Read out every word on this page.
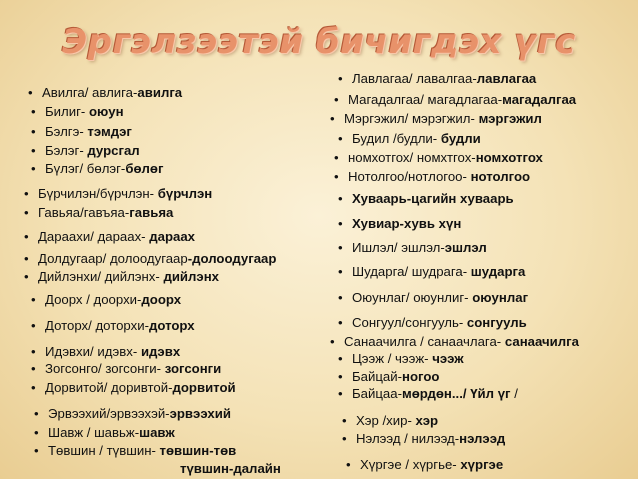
Эргэлзээтэй бичигдэх үгс
• Авилга/ авлига-авилга
• Билиг- оюун
• Бэлгэ- тэмдэг
• Бэлэг- дурсгал
• Бүлэг/ бөлэг-бөлөг
• Бүрчилэн/бүрчлэн- бүрчлэн
• Гавьяа/гавъяа-гавьяа
• Дараахи/ дараах- дараах
• Долдугаар/ долоодугаар-долоодугаар
• Дийлэнхи/ дийлэнх- дийлэнх
• Доорх / доорхи-доорх
• Доторх/ доторхи-доторх
• Идэвхи/ идэвх- идэвх
• Зогсонго/ зогсонги- зогсонги
• Дорвитой/ доривтой-дорвитой
• Эрвээхий/эрвээхэй-эрвээхий
• Шавж / шавьж-шавж
• Төвшин / түвшин- төвшин-төв
түвшин-далайн
• Лавлагаа/ лавалгаа-лавлагаа
• Магадалгаа/ магадлагаа-магадалгаа
• Мэргэжил/ мэрэгжил- мэргэжил
• Будил /будли- будли
• номхотгох/ номхтгох-номхотгох
• Нотолгоо/нотлогоо- нотолгоо
• Хуваарь-цагийн хуваарь
• Хувиар-хувь хүн
• Ишлэл/ эшлэл-эшлэл
• Шударга/ шудрага- шударга
• Оюунлаг/ оюунлиг- оюунлаг
• Сонгуул/сонгууль- сонгууль
• Санаачилга / санаачлага- санаачилга
• Цээж / чээж- чээж
• Байцай-ногоо
• Байцаа-мөрдөн.../ Үйл үг /
• Хэр /хир- хэр
• Нэлээд / нилээд-нэлээд
• Хүргэе / хүргье- хүргэе
